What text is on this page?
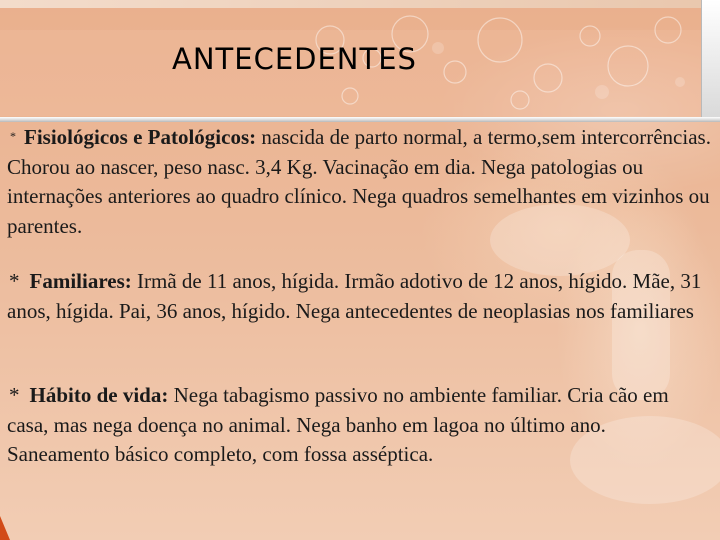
ANTECEDENTES

* Fisiológicos e Patológicos: nascida de parto normal, a termo,sem intercorrências. Chorou ao nascer, peso nasc. 3,4 Kg. Vacinação em dia. Nega patologias ou internações anteriores ao quadro clínico. Nega quadros semelhantes em vizinhos ou parentes.

* Familiares: Irmã de 11 anos, hígida. Irmão adotivo de 12 anos, hígido. Mãe, 31 anos, hígida. Pai, 36 anos, hígido. Nega antecedentes de neoplasias nos familiares

* Hábito de vida: Nega tabagismo passivo no ambiente familiar. Cria cão em casa, mas nega doença no animal. Nega banho em lagoa no último ano. Saneamento básico completo, com fossa asséptica.
